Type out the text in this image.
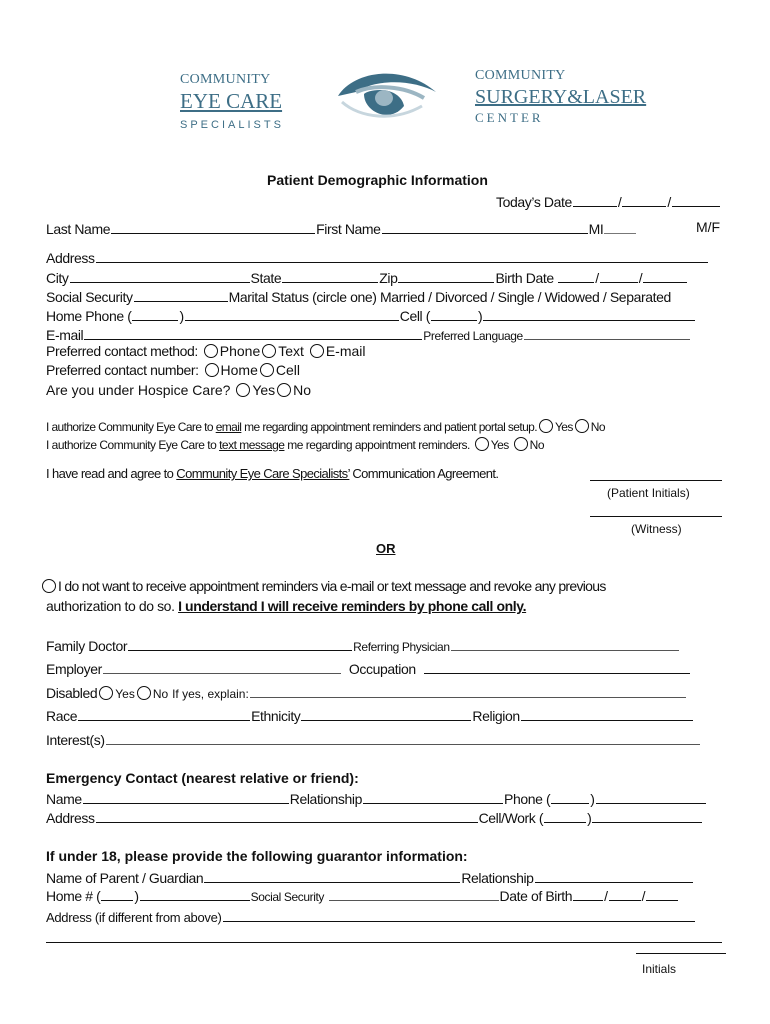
COMMUNITY
EYE CARE
SPECIALISTS
COMMUNITY
SURGERY&LASER
CENTER
Patient Demographic Information
Today’s Date	/	/
Last Name	First Name	MI	M/F
Address
City	State	Zip	Birth Date	/	/
Social Security	Marital Status (circle one) Married / Divorced / Single / Widowed / Separated
Home Phone (	)	Cell (	)
E-mail	Preferred Language
Preferred contact method: Phone Text E-mail
Preferred contact number: Home Cell
Are you under Hospice Care? Yes No
I authorize Community Eye Care to email me regarding appointment reminders and patient portal setup. Yes No
I authorize Community Eye Care to text message me regarding appointment reminders. Yes No
I have read and agree to Community Eye Care Specialists’ Communication Agreement.
(Patient Initials)
(Witness)
OR
I do not want to receive appointment reminders via e-mail or text message and revoke any previous
authorization to do so. I understand I will receive reminders by phone call only.
Family Doctor	Referring Physician
Employer	Occupation
Disabled Yes No If yes, explain:
Race	Ethnicity	Religion
Interest(s)
Emergency Contact (nearest relative or friend):
Name	Relationship	Phone (	)
Address	Cell/Work (	)
If under 18, please provide the following guarantor information:
Name of Parent / Guardian	Relationship
Home # ( )	Social Security	Date of Birth / /
Address (if different from above)
Initials
